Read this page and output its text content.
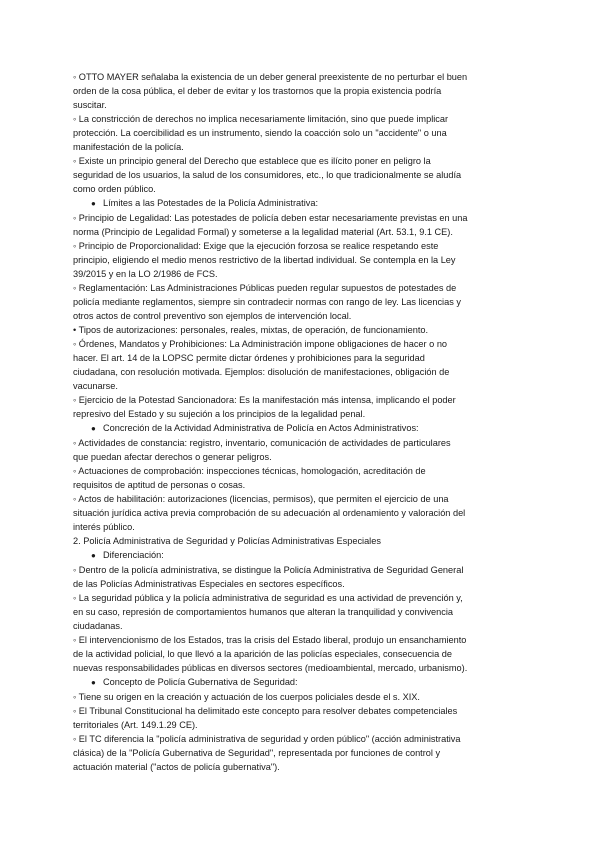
◦ OTTO MAYER señalaba la existencia de un deber general preexistente de no perturbar el buen
orden de la cosa pública, el deber de evitar y los trastornos que la propia existencia podría
suscitar.
◦ La constricción de derechos no implica necesariamente limitación, sino que puede implicar
protección. La coercibilidad es un instrumento, siendo la coacción solo un "accidente" o una
manifestación de la policía.
◦ Existe un principio general del Derecho que establece que es ilícito poner en peligro la
seguridad de los usuarios, la salud de los consumidores, etc., lo que tradicionalmente se aludía
como orden público.
● Límites a las Potestades de la Policía Administrativa:
◦ Principio de Legalidad: Las potestades de policía deben estar necesariamente previstas en una
norma (Principio de Legalidad Formal) y someterse a la legalidad material (Art. 53.1, 9.1 CE).
◦ Principio de Proporcionalidad: Exige que la ejecución forzosa se realice respetando este
principio, eligiendo el medio menos restrictivo de la libertad individual. Se contempla en la Ley
39/2015 y en la LO 2/1986 de FCS.
◦ Reglamentación: Las Administraciones Públicas pueden regular supuestos de potestades de
policía mediante reglamentos, siempre sin contradecir normas con rango de ley. Las licencias y
otros actos de control preventivo son ejemplos de intervención local.
• Tipos de autorizaciones: personales, reales, mixtas, de operación, de funcionamiento.
◦ Órdenes, Mandatos y Prohibiciones: La Administración impone obligaciones de hacer o no
hacer. El art. 14 de la LOPSC permite dictar órdenes y prohibiciones para la seguridad
ciudadana, con resolución motivada. Ejemplos: disolución de manifestaciones, obligación de
vacunarse.
◦ Ejercicio de la Potestad Sancionadora: Es la manifestación más intensa, implicando el poder
represivo del Estado y su sujeción a los principios de la legalidad penal.
● Concreción de la Actividad Administrativa de Policía en Actos Administrativos:
◦ Actividades de constancia: registro, inventario, comunicación de actividades de particulares
que puedan afectar derechos o generar peligros.
◦ Actuaciones de comprobación: inspecciones técnicas, homologación, acreditación de
requisitos de aptitud de personas o cosas.
◦ Actos de habilitación: autorizaciones (licencias, permisos), que permiten el ejercicio de una
situación jurídica activa previa comprobación de su adecuación al ordenamiento y valoración del
interés público.
2. Policía Administrativa de Seguridad y Policías Administrativas Especiales
● Diferenciación:
◦ Dentro de la policía administrativa, se distingue la Policía Administrativa de Seguridad General
de las Policías Administrativas Especiales en sectores específicos.
◦ La seguridad pública y la policía administrativa de seguridad es una actividad de prevención y,
en su caso, represión de comportamientos humanos que alteran la tranquilidad y convivencia
ciudadanas.
◦ El intervencionismo de los Estados, tras la crisis del Estado liberal, produjo un ensanchamiento
de la actividad policial, lo que llevó a la aparición de las policías especiales, consecuencia de
nuevas responsabilidades públicas en diversos sectores (medioambiental, mercado, urbanismo).
● Concepto de Policía Gubernativa de Seguridad:
◦ Tiene su origen en la creación y actuación de los cuerpos policiales desde el s. XIX.
◦ El Tribunal Constitucional ha delimitado este concepto para resolver debates competenciales
territoriales (Art. 149.1.29 CE).
◦ El TC diferencia la "policía administrativa de seguridad y orden público" (acción administrativa
clásica) de la "Policía Gubernativa de Seguridad", representada por funciones de control y
actuación material ("actos de policía gubernativa").
